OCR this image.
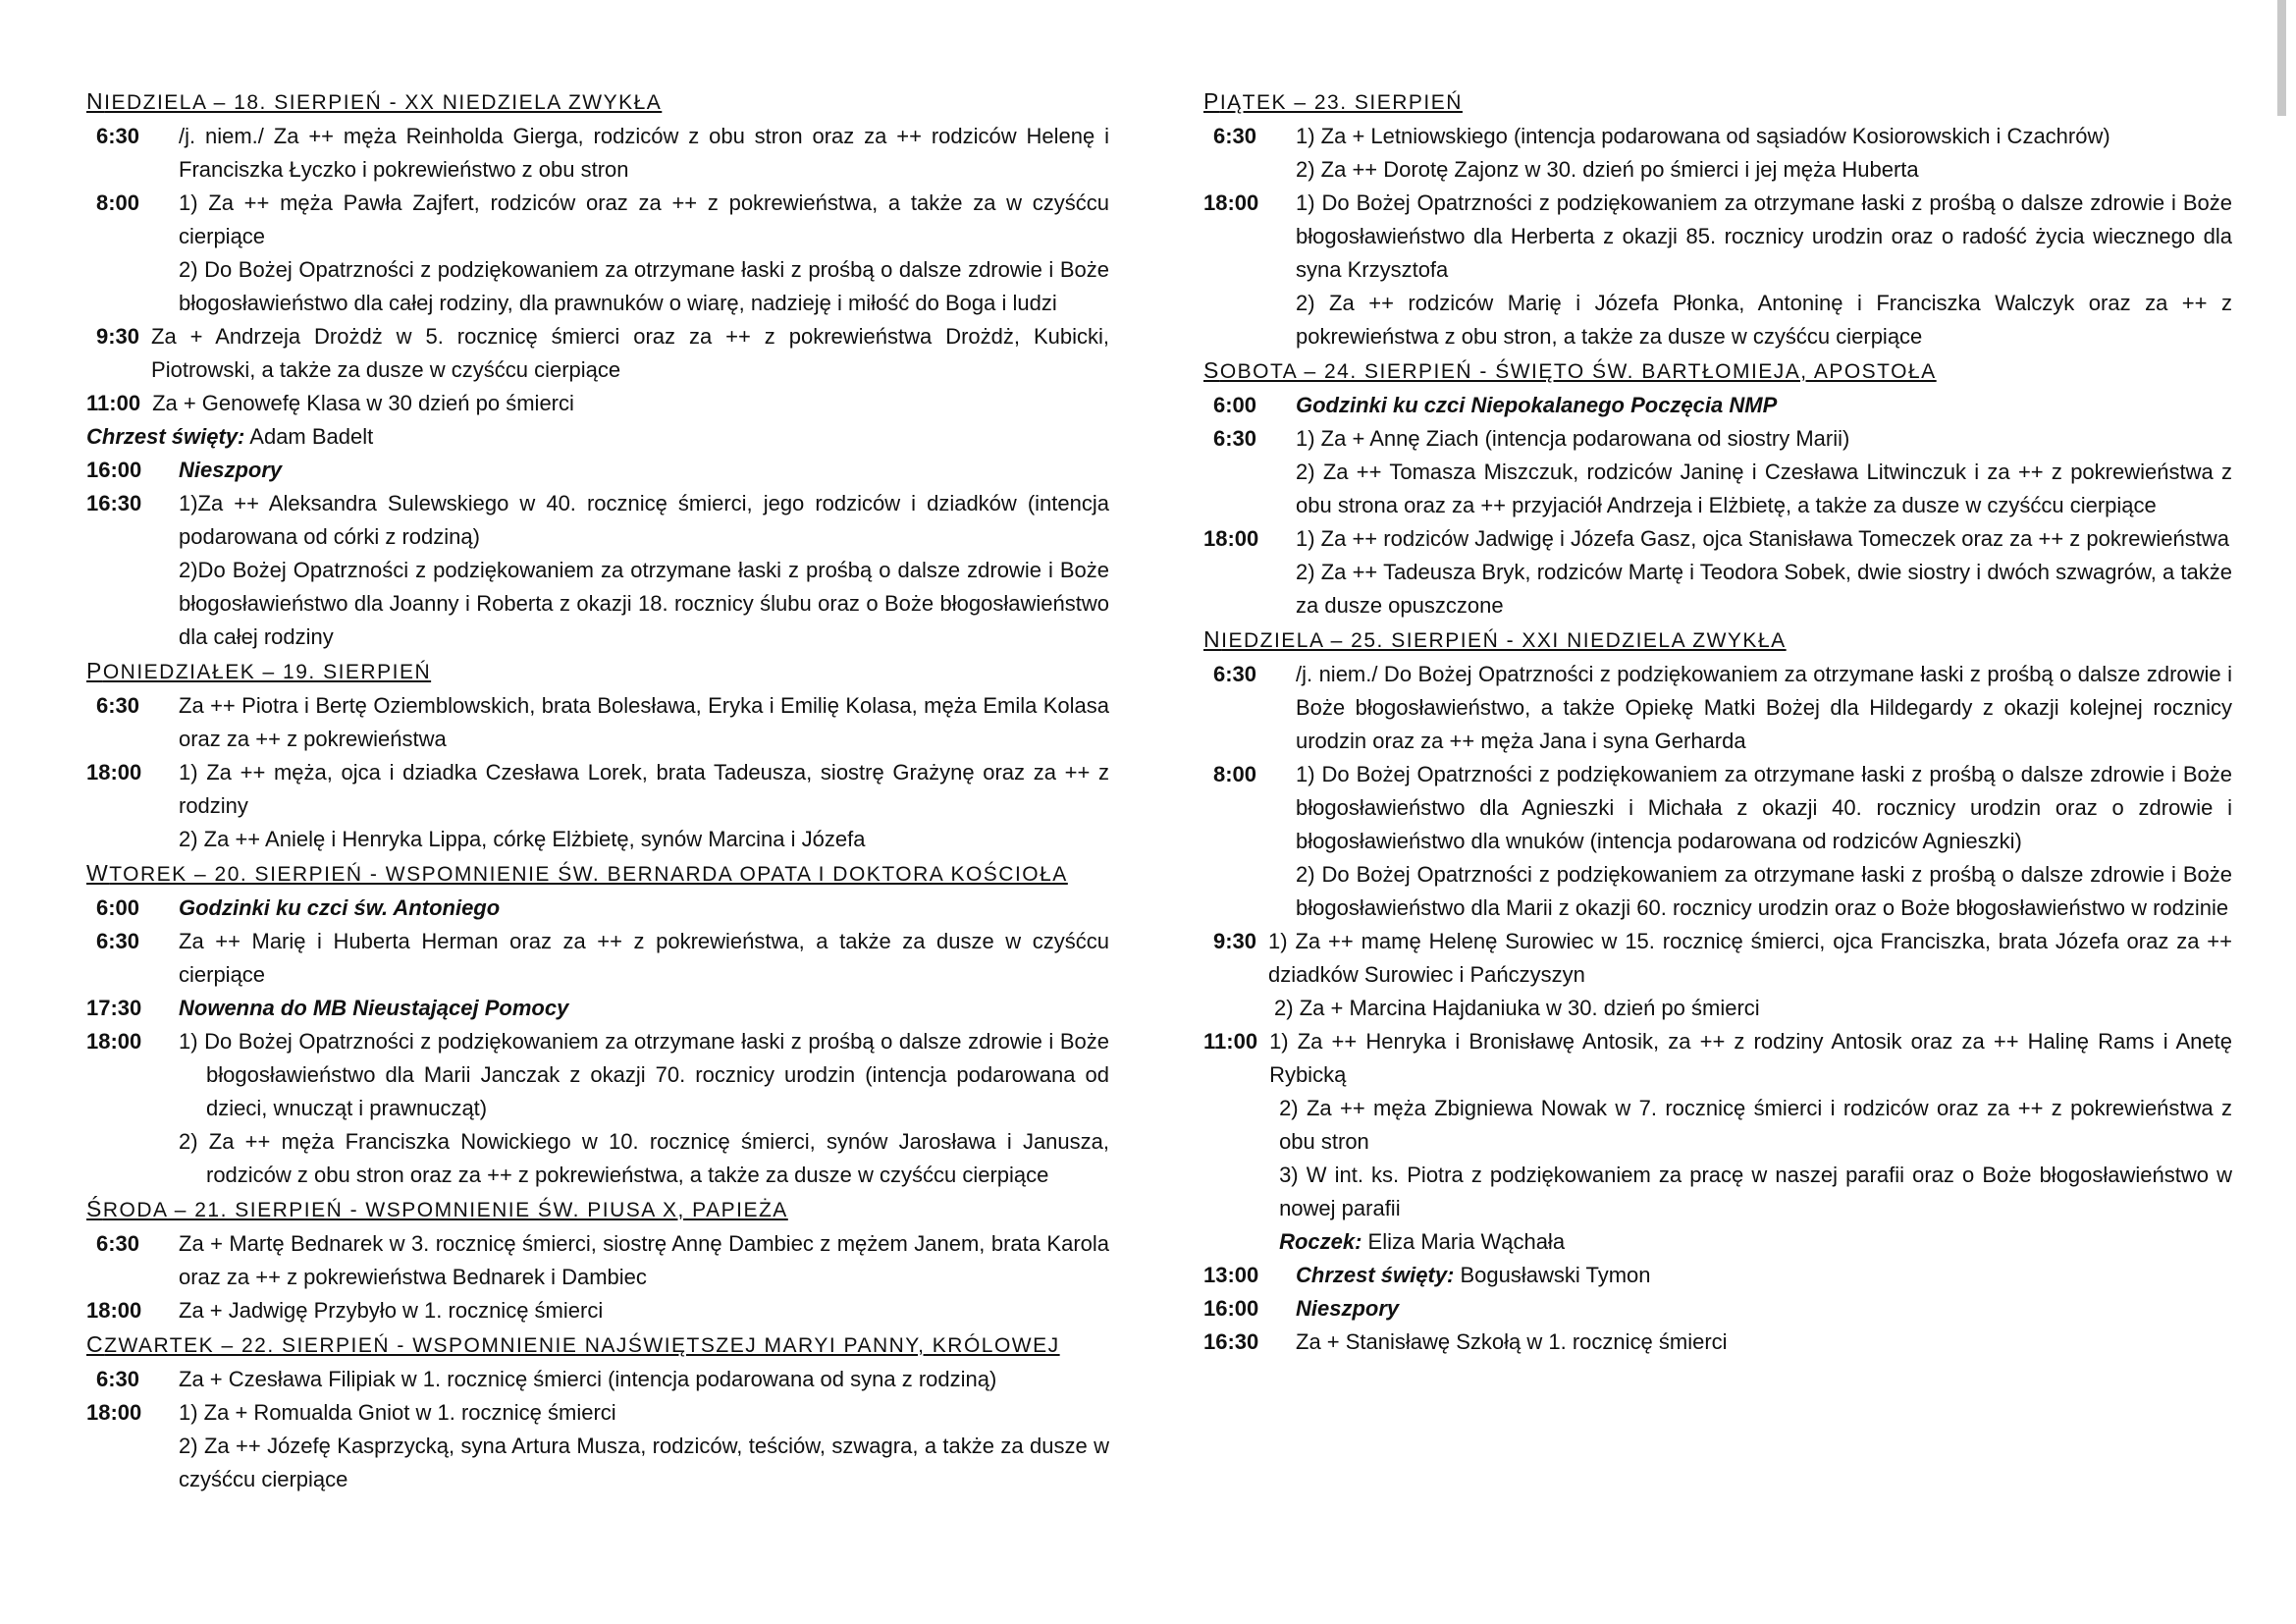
NIEDZIELA – 18. SIERPIEŃ - XX NIEDZIELA ZWYKŁA
6:30	/j. niem./ Za ++ męża Reinholda Gierga, rodziców z obu stron oraz za ++ rodziców Helenę i Franciszka Łyczko i pokrewieństwo z obu stron
8:00	1) Za ++ męża Pawła Zajfert, rodziców oraz za ++ z pokrewieństwa, a także za w czyśćcu cierpiące
2) Do Bożej Opatrzności z podziękowaniem za otrzymane łaski z prośbą o dalsze zdrowie i Boże błogosławieństwo dla całej rodziny, dla prawnuków o wiarę, nadzieję i miłość do Boga i ludzi
9:30 Za + Andrzeja Drożdż w 5. rocznicę śmierci oraz za ++ z pokrewieństwa Drożdż, Kubicki, Piotrowski, a także za dusze w czyśćcu cierpiące
11:00 Za + Genowefę Klasa w 30 dzień po śmierci
Chrzest święty: Adam Badelt
16:00	Nieszpory
16:30	1)Za ++ Aleksandra Sulewskiego w 40. rocznicę śmierci, jego rodziców i dziadków (intencja podarowana od córki z rodziną)
2)Do Bożej Opatrzności z podziękowaniem za otrzymane łaski z prośbą o dalsze zdrowie i Boże błogosławieństwo dla Joanny i Roberta z okazji 18. rocznicy ślubu oraz o Boże błogosławieństwo dla całej rodziny
PONIEDZIAŁEK – 19. SIERPIEŃ
6:30	Za ++ Piotra i Bertę Oziemblowskich, brata Bolesława, Eryka i Emilię Kolasa, męża Emila Kolasa oraz za ++ z pokrewieństwa
18:00	1) Za ++ męża, ojca i dziadka Czesława Lorek, brata Tadeusza, siostrę Grażynę oraz za ++ z rodziny
2) Za ++ Anielę i Henryka Lippa, córkę Elżbietę, synów Marcina i Józefa
WTOREK – 20. SIERPIEŃ - WSPOMNIENIE ŚW. BERNARDA OPATA I DOKTORA KOŚCIOŁA
6:00	Godzinki ku czci św. Antoniego
6:30	Za ++ Marię i Huberta Herman oraz za ++ z pokrewieństwa, a także za dusze w czyśćcu cierpiące
17:30	Nowenna do MB Nieustającej Pomocy
18:00	1) Do Bożej Opatrzności z podziękowaniem za otrzymane łaski z prośbą o dalsze zdrowie i Boże błogosławieństwo dla Marii Janczak z okazji 70. rocznicy urodzin (intencja podarowana od dzieci, wnucząt i prawnucząt)
2) Za ++ męża Franciszka Nowickiego w 10. rocznicę śmierci, synów Jarosława i Janusza, rodziców z obu stron oraz za ++ z pokrewieństwa, a także za dusze w czyśćcu cierpiące
ŚRODA – 21. SIERPIEŃ - WSPOMNIENIE ŚW. PIUSA X, PAPIEŻA
6:30	Za + Martę Bednarek w 3. rocznicę śmierci, siostrę Annę Dambiec z mężem Janem, brata Karola oraz za ++ z pokrewieństwa Bednarek i Dambiec
18:00	Za + Jadwigę Przybyło w 1. rocznicę śmierci
CZWARTEK – 22. SIERPIEŃ - WSPOMNIENIE NAJŚWIĘTSZEJ MARYI PANNY, KRÓLOWEJ
6:30	Za + Czesława Filipiak w 1. rocznicę śmierci (intencja podarowana od syna z rodziną)
18:00	1) Za + Romualda Gniot w 1. rocznicę śmierci
2) Za ++ Józefę Kasprzycką, syna Artura Musza, rodziców, teściów, szwagra, a także za dusze w czyśćcu cierpiące
PIĄTEK – 23. SIERPIEŃ
6:30	1) Za + Letniowskiego (intencja podarowana od sąsiadów Kosiorowskich i Czachrów)
2) Za ++ Dorotę Zajonz w 30. dzień po śmierci i jej męża Huberta
18:00	1) Do Bożej Opatrzności z podziękowaniem za otrzymane łaski z prośbą o dalsze zdrowie i Boże błogosławieństwo dla Herberta z okazji 85. rocznicy urodzin oraz o radość życia wiecznego dla syna Krzysztofa
2) Za ++ rodziców Marię i Józefa Płonka, Antoninę i Franciszka Walczyk oraz za ++ z pokrewieństwa z obu stron, a także za dusze w czyśćcu cierpiące
SOBOTA – 24. SIERPIEŃ - ŚWIĘTO ŚW. BARTŁOMIEJA, APOSTOŁA
6:00	Godzinki ku czci Niepokalanego Poczęcia NMP
6:30	1) Za + Annę Ziach (intencja podarowana od siostry Marii)
2) Za ++ Tomasza Miszczuk, rodziców Janinę i Czesława Litwinczuk i za ++ z pokrewieństwa z obu strona oraz za ++ przyjaciół Andrzeja i Elżbietę, a także za dusze w czyśćcu cierpiące
18:00	1) Za ++ rodziców Jadwigę i Józefa Gasz, ojca Stanisława Tomeczek oraz za ++ z pokrewieństwa
2) Za ++ Tadeusza Bryk, rodziców Martę i Teodora Sobek, dwie siostry i dwóch szwagrów, a także za dusze opuszczone
NIEDZIELA – 25. SIERPIEŃ - XXI NIEDZIELA ZWYKŁA
6:30	/j. niem./ Do Bożej Opatrzności z podziękowaniem za otrzymane łaski z prośbą o dalsze zdrowie i Boże błogosławieństwo, a także Opiekę Matki Bożej dla Hildegardy z okazji kolejnej rocznicy urodzin oraz za ++ męża Jana i syna Gerharda
8:00	1) Do Bożej Opatrzności z podziękowaniem za otrzymane łaski z prośbą o dalsze zdrowie i Boże błogosławieństwo dla Agnieszki i Michała z okazji 40. rocznicy urodzin oraz o zdrowie i błogosławieństwo dla wnuków (intencja podarowana od rodziców Agnieszki)
2) Do Bożej Opatrzności z podziękowaniem za otrzymane łaski z prośbą o dalsze zdrowie i Boże błogosławieństwo dla Marii z okazji 60. rocznicy urodzin oraz o Boże błogosławieństwo w rodzinie
9:30 1) Za ++ mamę Helenę Surowiec w 15. rocznicę śmierci, ojca Franciszka, brata Józefa oraz za ++ dziadków Surowiec i Pańczyszyn
2) Za + Marcina Hajdaniuka w 30. dzień po śmierci
11:00 1) Za ++ Henryka i Bronisławę Antosik, za ++ z rodziny Antosik oraz za ++ Halinę Rams i Anetę Rybicką
2) Za ++ męża Zbigniewa Nowak w 7. rocznicę śmierci i rodziców oraz za ++ z pokrewieństwa z obu stron
3) W int. ks. Piotra z podziękowaniem za pracę w naszej parafii oraz o Boże błogosławieństwo w nowej parafii
Roczek: Eliza Maria Wąchała
13:00	Chrzest święty: Bogusławski Tymon
16:00	Nieszpory
16:30	Za + Stanisławę Szkołą w 1. rocznicę śmierci
